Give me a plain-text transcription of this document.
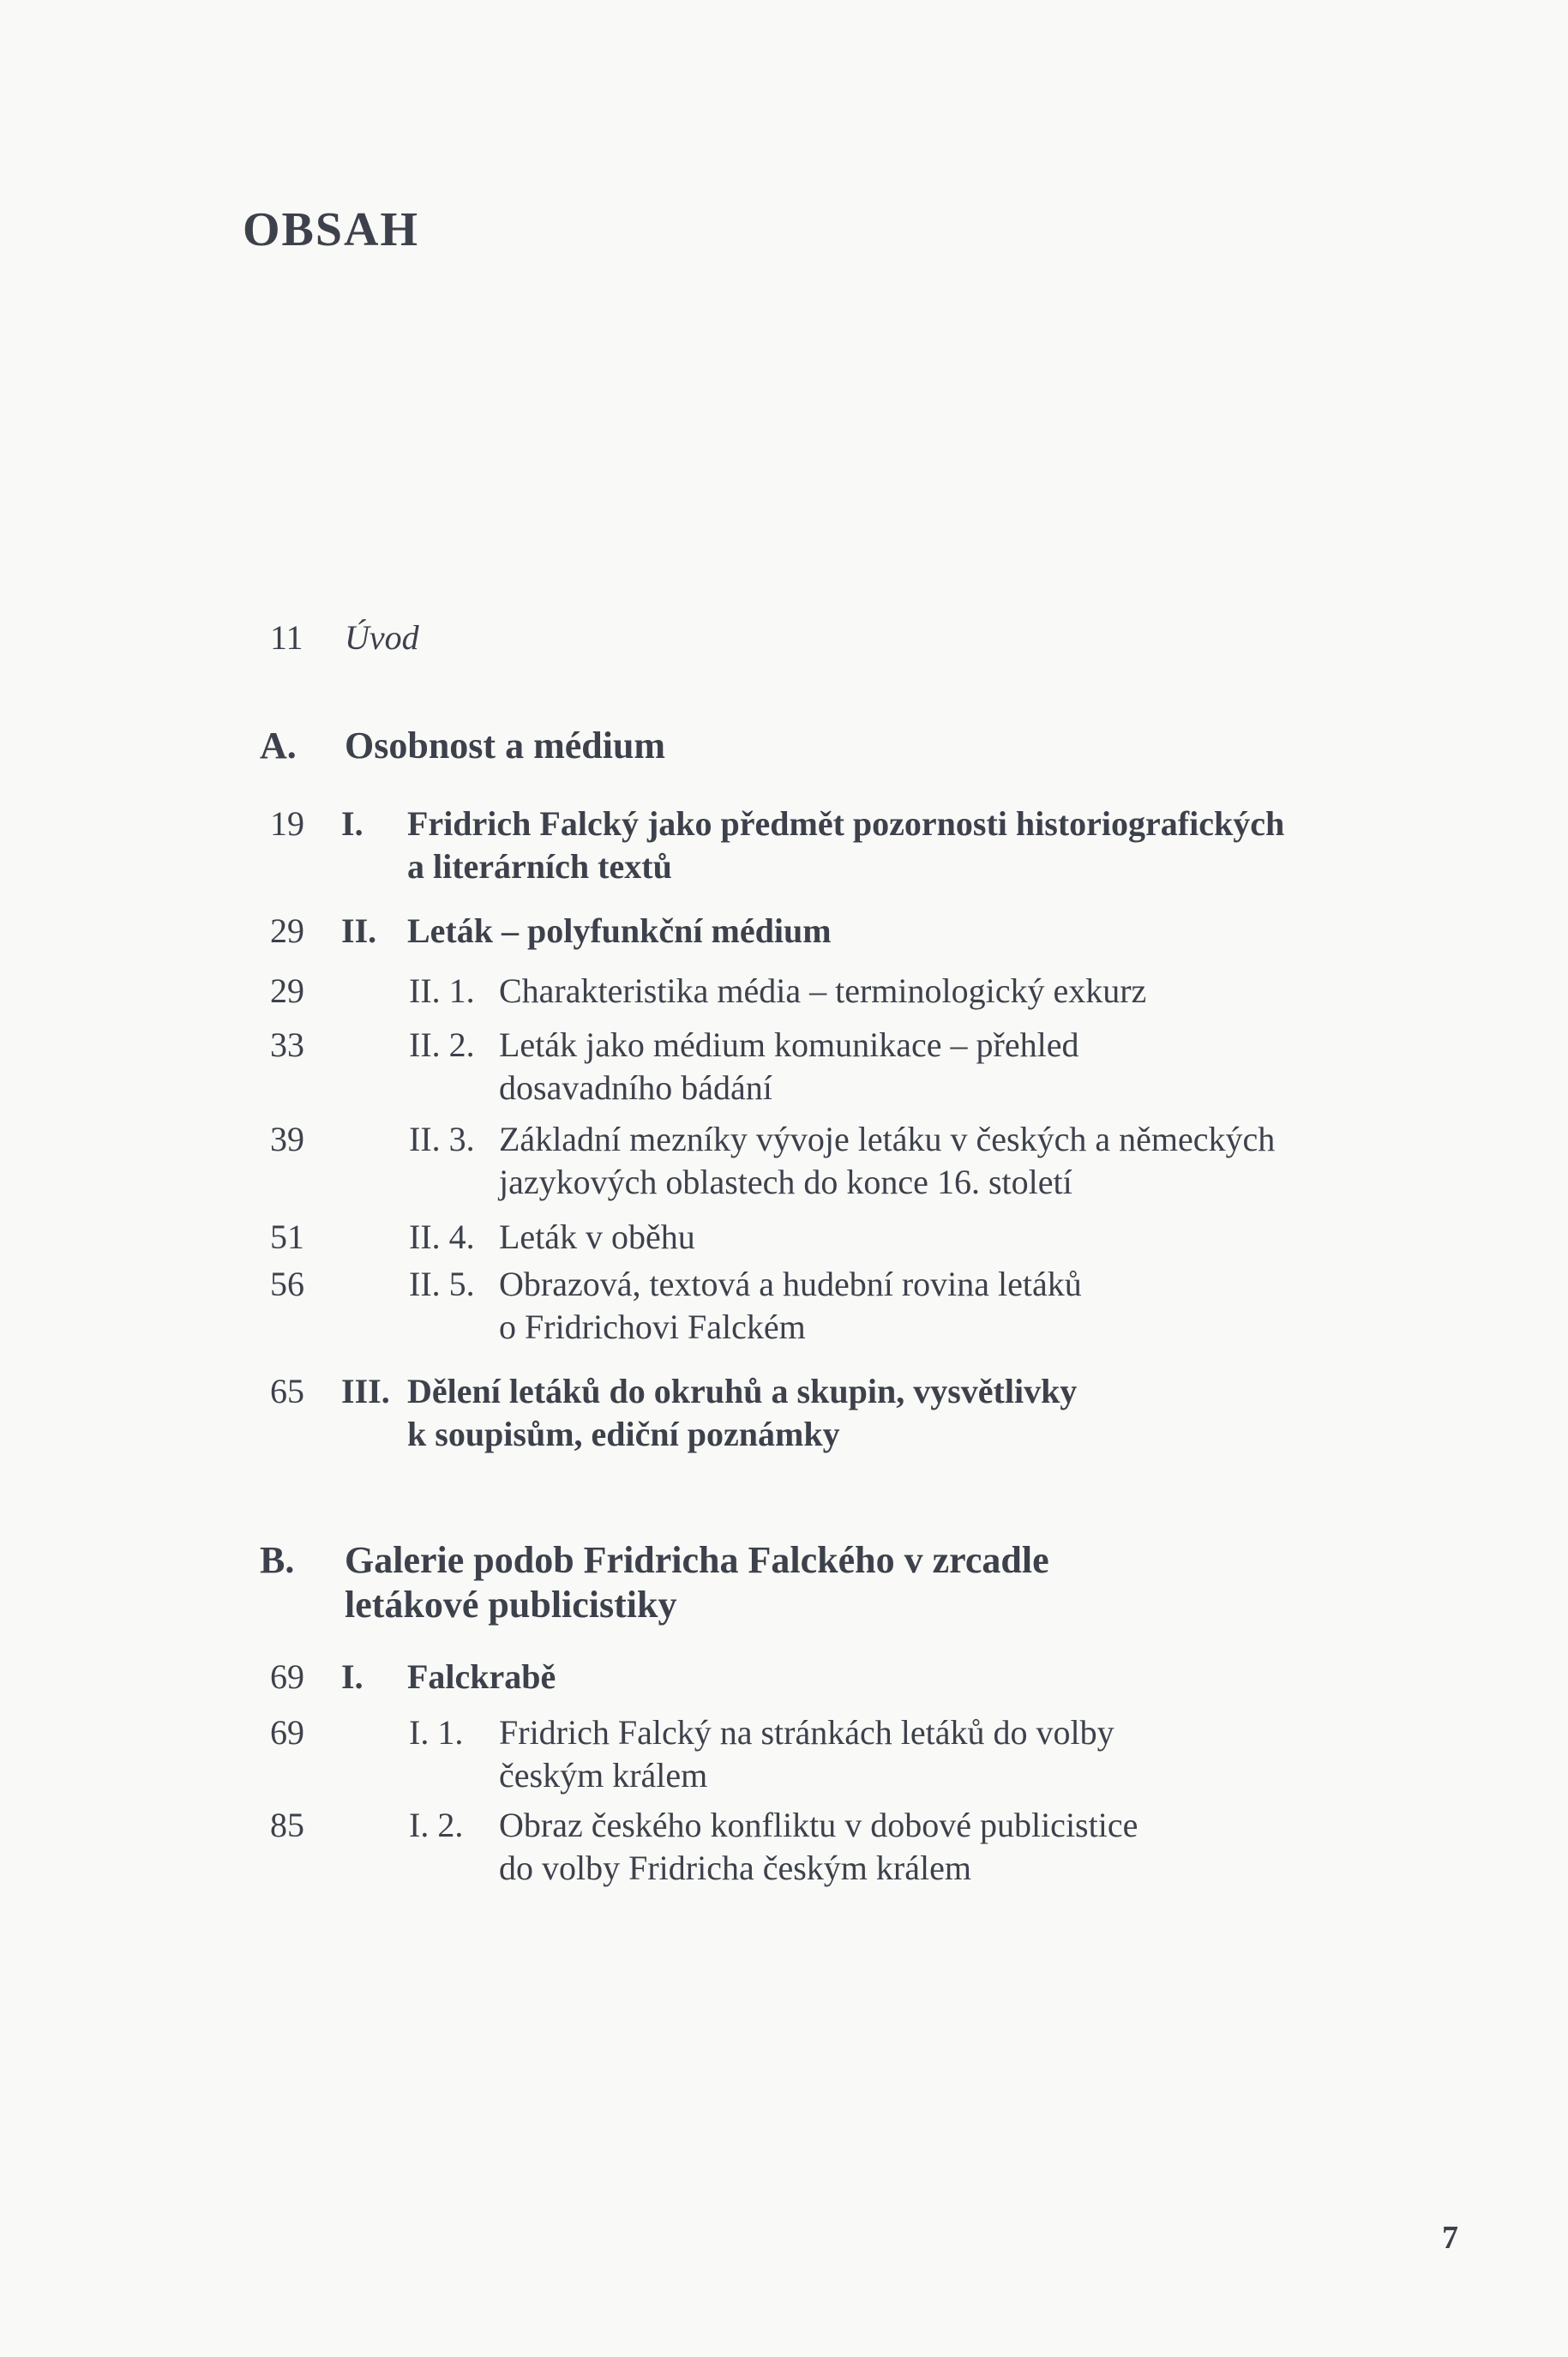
OBSAH
11 Úvod
A. Osobnost a médium
19 I. Fridrich Falcký jako předmět pozornosti historiografických
a literárních textů
29 II. Leták – polyfunkční médium
29	II. 1. Charakteristika média – terminologický exkurz
33	II. 2. Leták jako médium komunikace – přehled
dosavadního bádání
39	II. 3. Základní mezníky vývoje letáku v českých a německých
jazykových oblastech do konce 16. století
51	II. 4. Leták v oběhu
56	II. 5. Obrazová, textová a hudební rovina letáků
o Fridrichovi Falckém
65 III. Dělení letáků do okruhů a skupin, vysvětlivky
k soupisům, ediční poznámky
B. Galerie podob Fridricha Falckého v zrcadle
letákové publicistiky
69 I. Falckrabě
69	I. 1. Fridrich Falcký na stránkách letáků do volby
českým králem
85	I. 2. Obraz českého konfliktu v dobové publicistice
do volby Fridricha českým králem
7
